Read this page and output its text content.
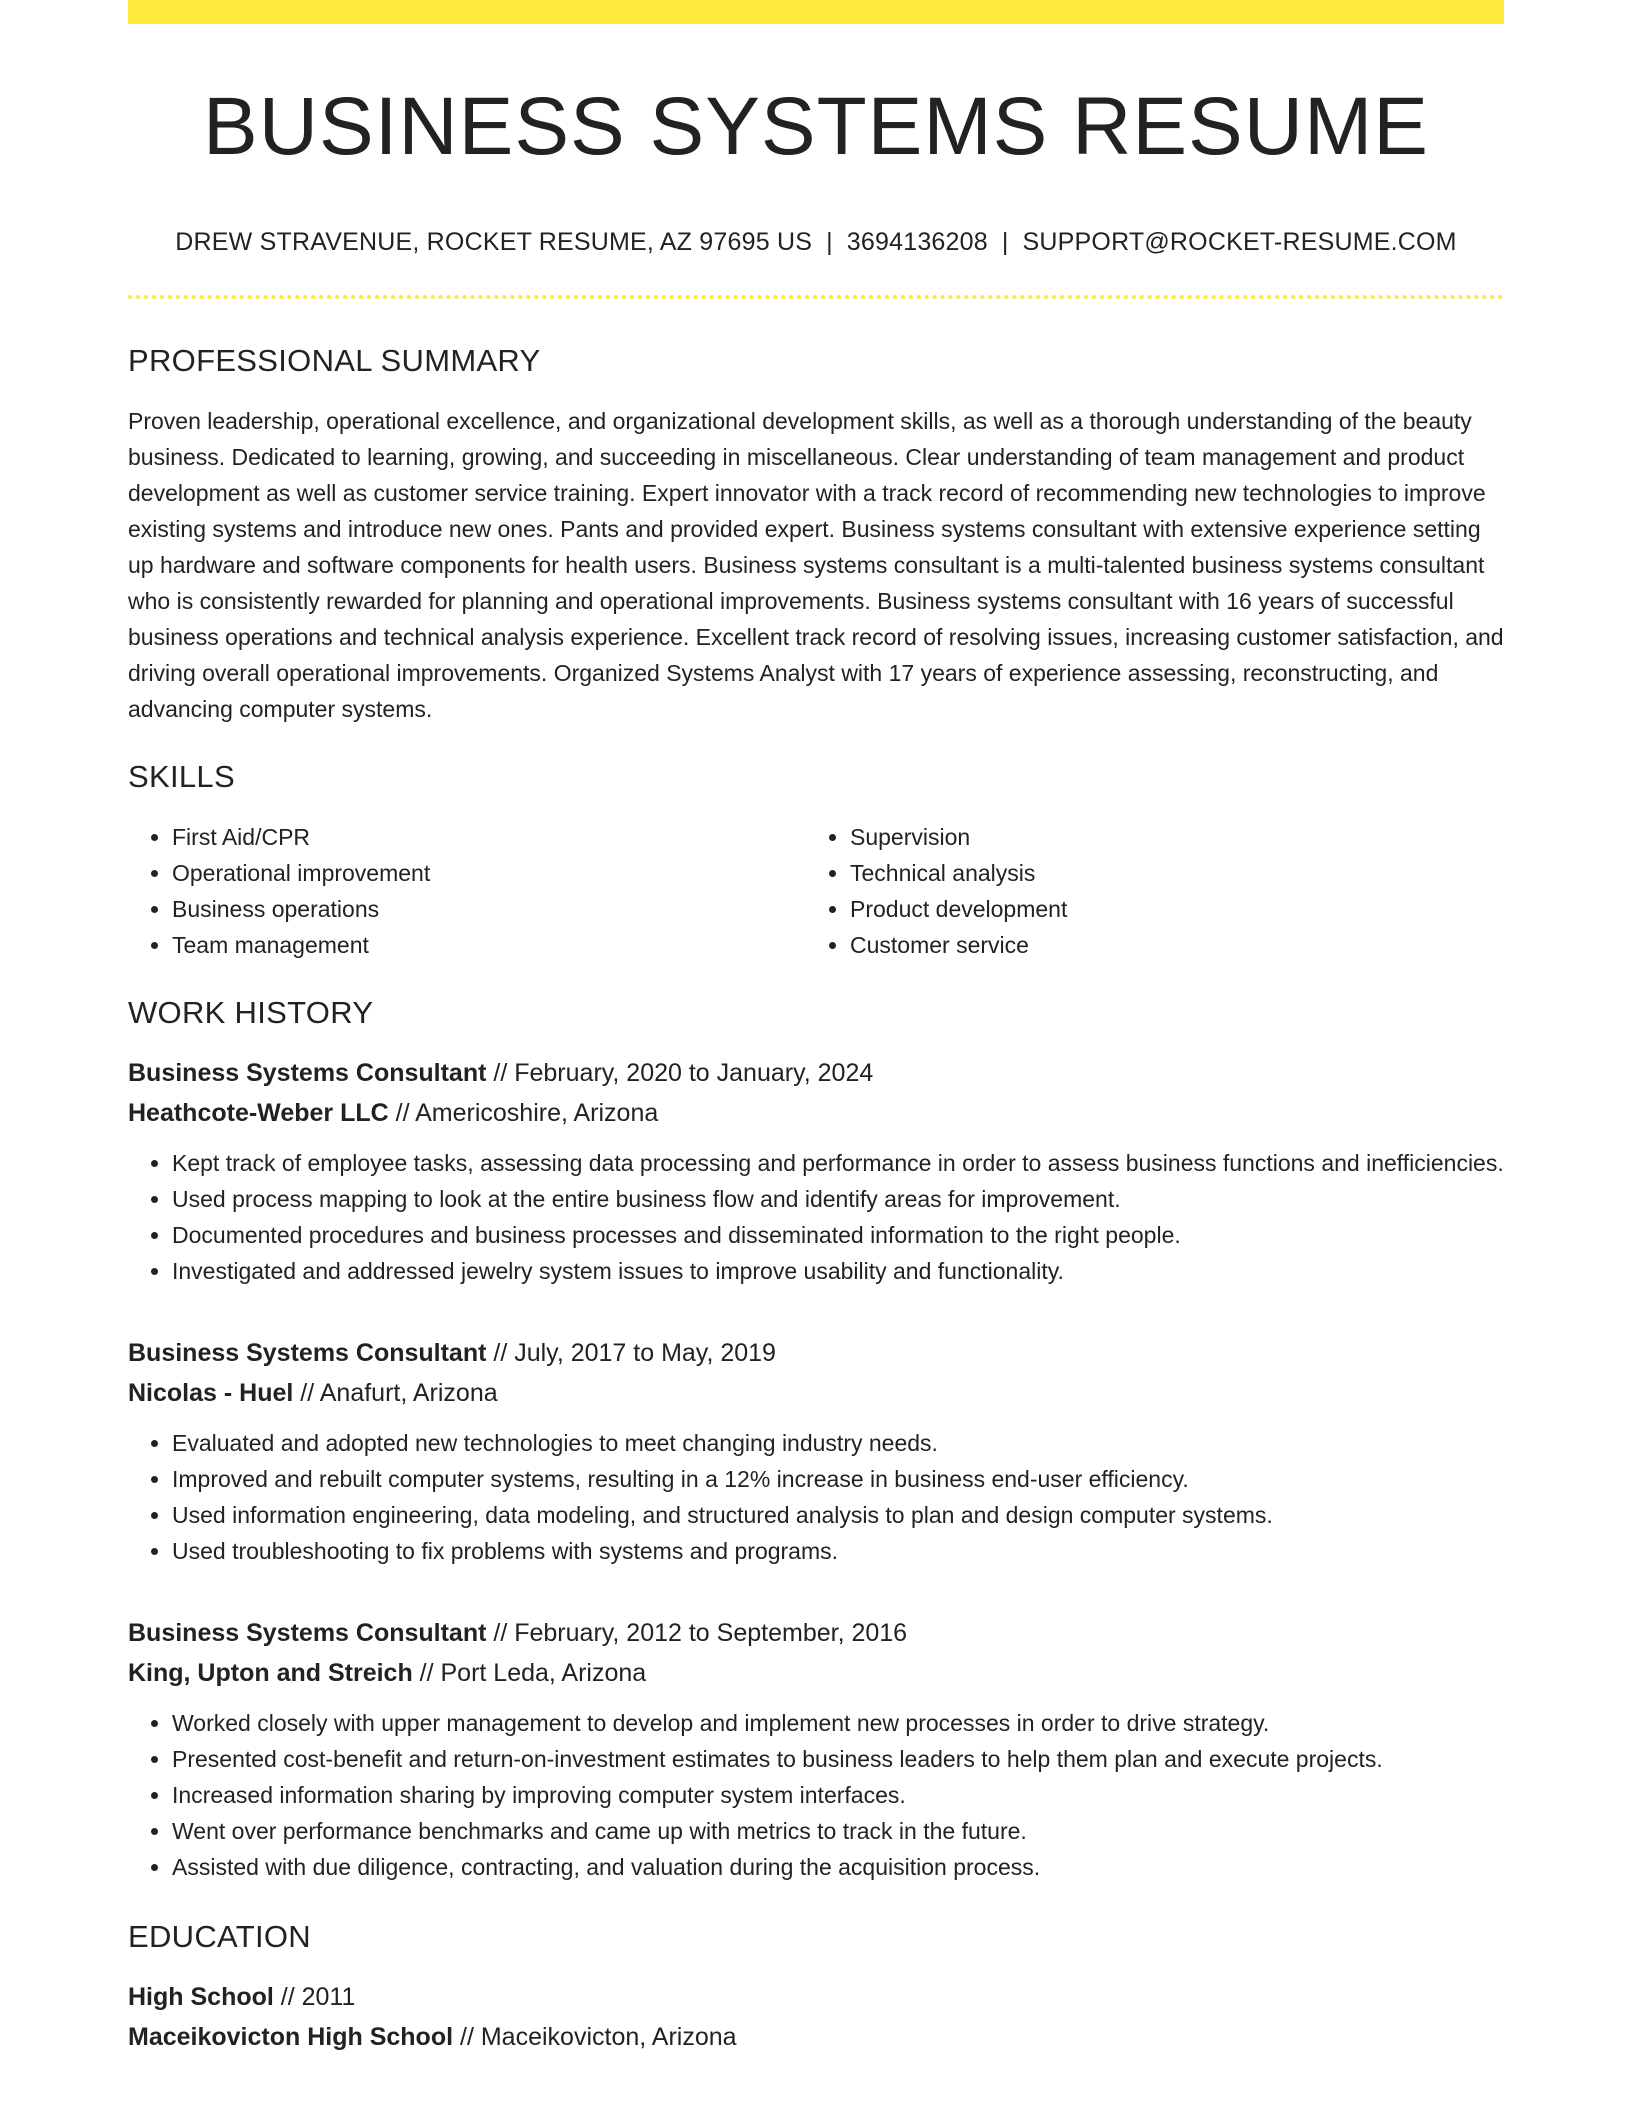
BUSINESS SYSTEMS RESUME
DREW STRAVENUE, ROCKET RESUME, AZ 97695 US | 3694136208 | SUPPORT@ROCKET-RESUME.COM
PROFESSIONAL SUMMARY
Proven leadership, operational excellence, and organizational development skills, as well as a thorough understanding of the beauty business. Dedicated to learning, growing, and succeeding in miscellaneous. Clear understanding of team management and product development as well as customer service training. Expert innovator with a track record of recommending new technologies to improve existing systems and introduce new ones. Pants and provided expert. Business systems consultant with extensive experience setting up hardware and software components for health users. Business systems consultant is a multi-talented business systems consultant who is consistently rewarded for planning and operational improvements. Business systems consultant with 16 years of successful business operations and technical analysis experience. Excellent track record of resolving issues, increasing customer satisfaction, and driving overall operational improvements. Organized Systems Analyst with 17 years of experience assessing, reconstructing, and advancing computer systems.
SKILLS
• First Aid/CPR
• Operational improvement
• Business operations
• Team management
• Supervision
• Technical analysis
• Product development
• Customer service
WORK HISTORY
Business Systems Consultant // February, 2020 to January, 2024
Heathcote-Weber LLC // Americoshire, Arizona
• Kept track of employee tasks, assessing data processing and performance in order to assess business functions and inefficiencies.
• Used process mapping to look at the entire business flow and identify areas for improvement.
• Documented procedures and business processes and disseminated information to the right people.
• Investigated and addressed jewelry system issues to improve usability and functionality.
Business Systems Consultant // July, 2017 to May, 2019
Nicolas - Huel // Anafurt, Arizona
• Evaluated and adopted new technologies to meet changing industry needs.
• Improved and rebuilt computer systems, resulting in a 12% increase in business end-user efficiency.
• Used information engineering, data modeling, and structured analysis to plan and design computer systems.
• Used troubleshooting to fix problems with systems and programs.
Business Systems Consultant // February, 2012 to September, 2016
King, Upton and Streich // Port Leda, Arizona
• Worked closely with upper management to develop and implement new processes in order to drive strategy.
• Presented cost-benefit and return-on-investment estimates to business leaders to help them plan and execute projects.
• Increased information sharing by improving computer system interfaces.
• Went over performance benchmarks and came up with metrics to track in the future.
• Assisted with due diligence, contracting, and valuation during the acquisition process.
EDUCATION
High School // 2011
Maceikovicton High School // Maceikovicton, Arizona
